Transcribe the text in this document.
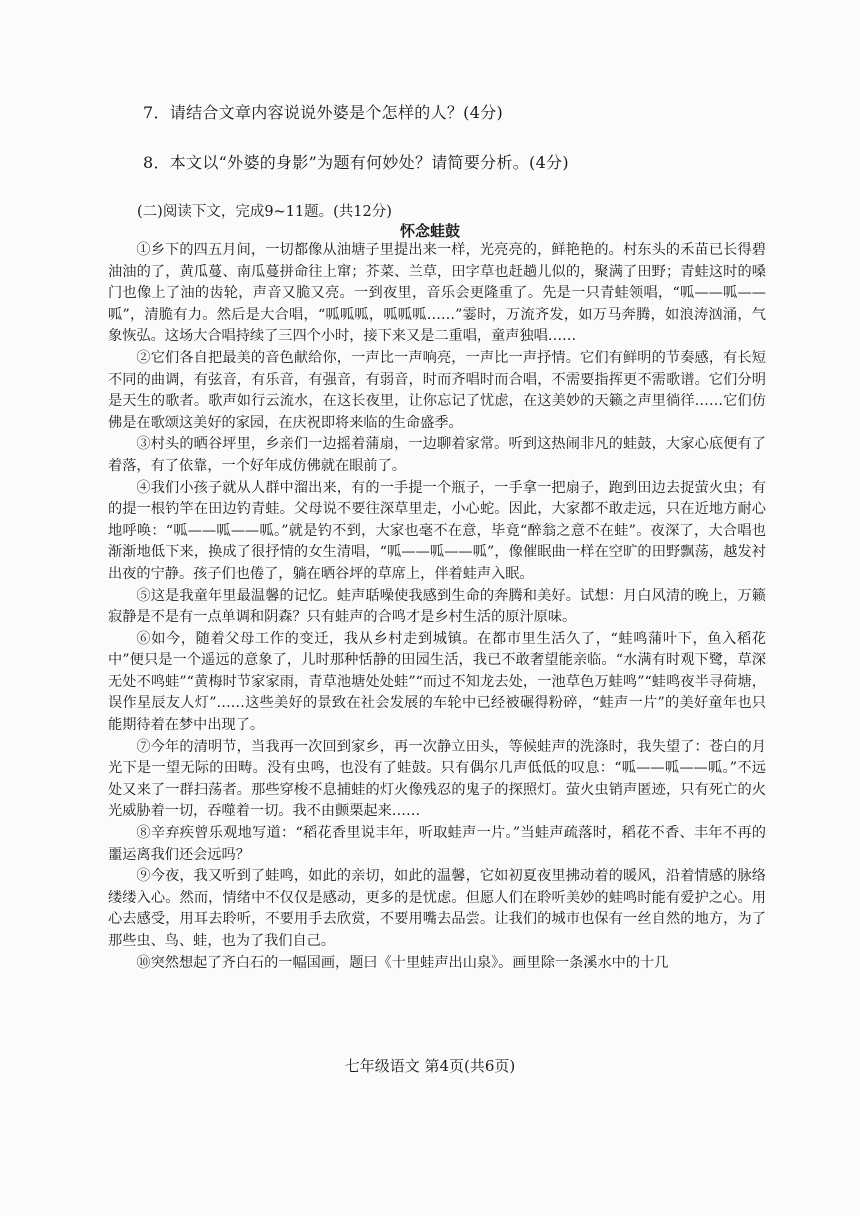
7．请结合文章内容说说外婆是个怎样的人？(4分)
8．本文以“外婆的身影”为题有何妙处？请简要分析。(4分)
(二)阅读下文，完成9~11题。(共12分)
怀念蛙鼓

①乡下的四五月间，一切都像从油塘子里提出来一样，光亮亮的，鲜艳艳的。村东头的禾苗已长得碧油油的了，黄瓜蔓、南瓜蔓拼命往上窜；芥菜、兰草，田字草也赶趟儿似的，聚满了田野；青蛙这时的嗓门也像上了油的齿轮，声音又脆又亮。一到夜里，音乐会更隆重了。先是一只青蛙领唱，“呱——呱——呱”，清脆有力。然后是大合唱，“呱呱呱，呱呱呱……”霎时，万流齐发，如万马奔腾，如浪涛汹涌，气象恢弘。这场大合唱持续了三四个小时，接下来又是二重唱，童声独唱……

②它们各自把最美的音色献给你，一声比一声响亮，一声比一声抒情。它们有鲜明的节奏感，有长短不同的曲调，有弦音，有乐音，有强音，有弱音，时而齐唱时而合唱，不需要指挥更不需歌谱。它们分明是天生的歌者。歌声如行云流水，在这长夜里，让你忘记了忧虑，在这美妙的天籁之声里徜徉……它们仿佛是在歌颂这美好的家园，在庆祝即将来临的生命盛季。

③村头的晒谷坪里，乡亲们一边摇着蒲扇，一边聊着家常。听到这热闹非凡的蛙鼓，大家心底便有了着落，有了依靠，一个好年成仿佛就在眼前了。

④我们小孩子就从人群中溜出来，有的一手提一个瓶子，一手拿一把扇子，跑到田边去捉萤火虫；有的提一根钓竿在田边钓青蛙。父母说不要往深草里走，小心蛇。因此，大家都不敢走远，只在近地方耐心地呼唤：“呱——呱——呱。”就是钓不到，大家也毫不在意，毕竟“醉翁之意不在蛙”。夜深了，大合唱也渐渐地低下来，换成了很抒情的女生清唱，“呱——呱——呱”，像催眠曲一样在空旷的田野飘荡，越发衬出夜的宁静。孩子们也倦了，躺在晒谷坪的草席上，伴着蛙声入眠。

⑤这是我童年里最温馨的记忆。蛙声聒噪使我感到生命的奔腾和美好。试想：月白风清的晚上，万籁寂静是不是有一点单调和阴森？只有蛙声的合鸣才是乡村生活的原汁原味。

⑥如今，随着父母工作的变迁，我从乡村走到城镇。在都市里生活久了，“蛙鸣蒲叶下，鱼入稻花中”便只是一个遥远的意象了，儿时那种恬静的田园生活，我已不敢奢望能亲临。“水满有时观下鹭，草深无处不鸣蛙”“黄梅时节家家雨，青草池塘处处蛙”“而过不知龙去处，一池草色万蛙鸣”“蛙鸣夜半寻荷塘，误作星辰友人灯”……这些美好的景致在社会发展的车轮中已经被碾得粉碎，“蛙声一片”的美好童年也只能期待着在梦中出现了。

⑦今年的清明节，当我再一次回到家乡，再一次静立田头，等候蛙声的洗涤时，我失望了：苍白的月光下是一望无际的田畴。没有虫鸣，也没有了蛙鼓。只有偶尔几声低低的叹息：“呱——呱——呱。”不远处又来了一群扫荡者。那些穿梭不息捕蛙的灯火像残忍的鬼子的探照灯。萤火虫销声匿迹，只有死亡的火光威胁着一切，吞噬着一切。我不由颤栗起来……

⑧辛弃疾曾乐观地写道：“稻花香里说丰年，听取蛙声一片。”当蛙声疏落时，稻花不香、丰年不再的噩运离我们还会远吗？

⑨今夜，我又听到了蛙鸣，如此的亲切，如此的温馨，它如初夏夜里拂动着的暖风，沿着情感的脉络缕缕入心。然而，情绪中不仅仅是感动，更多的是忧虑。但愿人们在聆听美妙的蛙鸣时能有爱护之心。用心去感受，用耳去聆听，不要用手去欣赏，不要用嘴去品尝。让我们的城市也保有一丝自然的地方，为了那些虫、鸟、蛙，也为了我们自己。

⑩突然想起了齐白石的一幅国画，题曰《十里蛙声出山泉》。画里除一条溪水中的十几

七年级语文 第4页(共6页)
